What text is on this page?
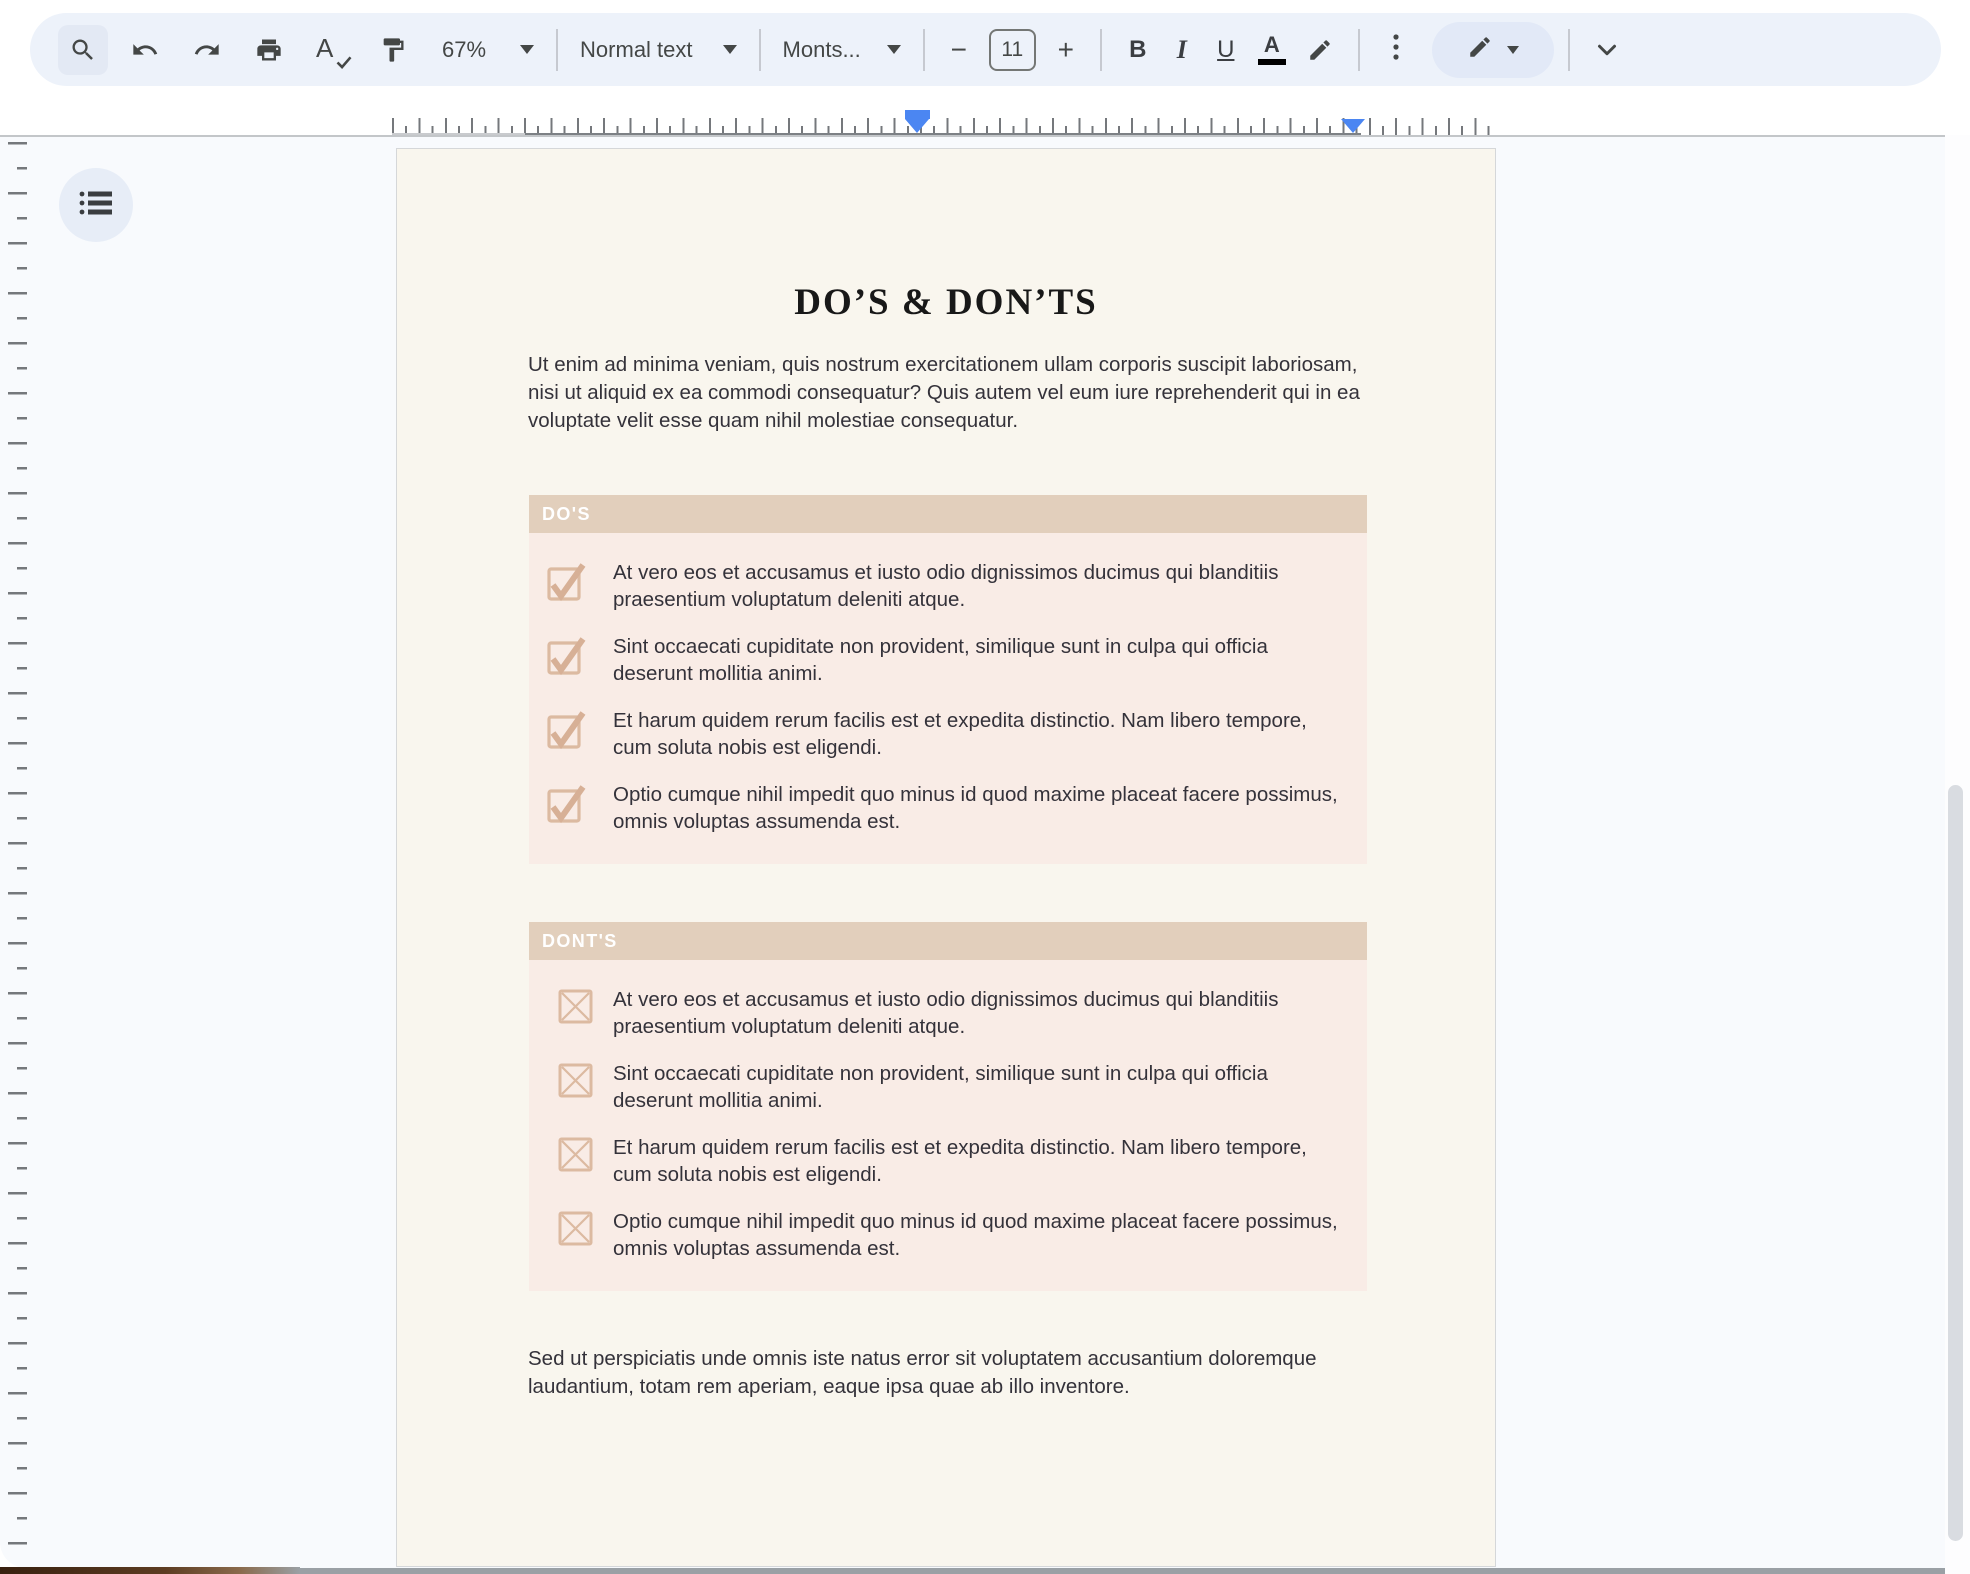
A	67%	Normal text	Monts...	−	11	+ B I U A
DO’S & DON’TS
Ut enim ad minima veniam, quis nostrum exercitationem ullam corporis suscipit laboriosam, nisi ut aliquid ex ea commodi consequatur? Quis autem vel eum iure reprehenderit qui in ea voluptate velit esse quam nihil molestiae consequatur.
DO'S
At vero eos et accusamus et iusto odio dignissimos ducimus qui blanditiis praesentium voluptatum deleniti atque.
Sint occaecati cupiditate non provident, similique sunt in culpa qui officia deserunt mollitia animi.
Et harum quidem rerum facilis est et expedita distinctio. Nam libero tempore, cum soluta nobis est eligendi.
Optio cumque nihil impedit quo minus id quod maxime placeat facere possimus, omnis voluptas assumenda est.
DONT'S
At vero eos et accusamus et iusto odio dignissimos ducimus qui blanditiis praesentium voluptatum deleniti atque.
Sint occaecati cupiditate non provident, similique sunt in culpa qui officia deserunt mollitia animi.
Et harum quidem rerum facilis est et expedita distinctio. Nam libero tempore, cum soluta nobis est eligendi.
Optio cumque nihil impedit quo minus id quod maxime placeat facere possimus, omnis voluptas assumenda est.
Sed ut perspiciatis unde omnis iste natus error sit voluptatem accusantium doloremque laudantium, totam rem aperiam, eaque ipsa quae ab illo inventore.
